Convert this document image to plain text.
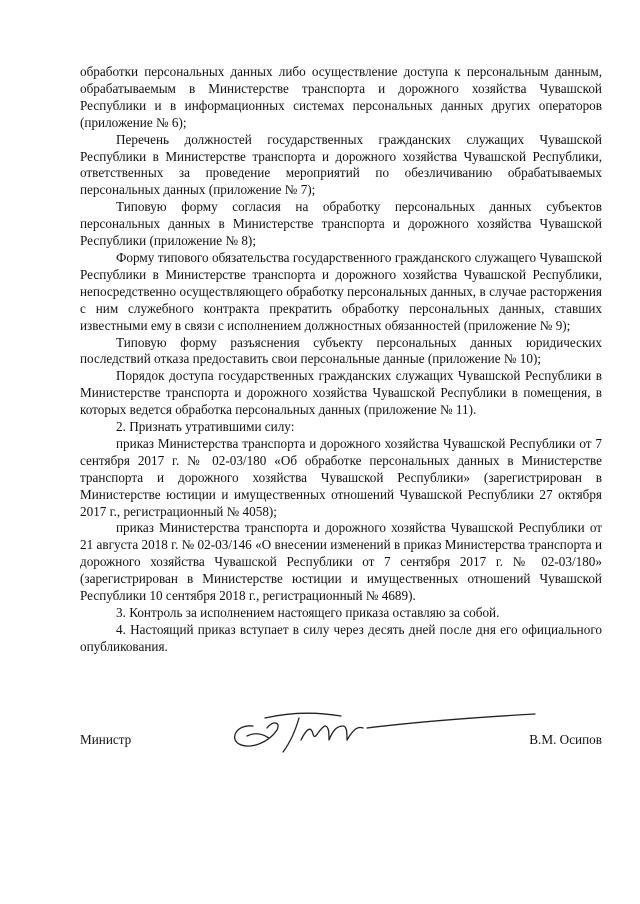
обработки персональных данных либо осуществление доступа к персональным данным, обрабатываемым в Министерстве транспорта и дорожного хозяйства Чувашской Республики и в информационных системах персональных данных других операторов (приложение № 6);

Перечень должностей государственных гражданских служащих Чувашской Республики в Министерстве транспорта и дорожного хозяйства Чувашской Республики, ответственных за проведение мероприятий по обезличиванию обрабатываемых персональных данных (приложение № 7);

Типовую форму согласия на обработку персональных данных субъектов персональных данных в Министерстве транспорта и дорожного хозяйства Чувашской Республики (приложение № 8);

Форму типового обязательства государственного гражданского служащего Чувашской Республики в Министерстве транспорта и дорожного хозяйства Чувашской Республики, непосредственно осуществляющего обработку персональных данных, в случае расторжения с ним служебного контракта прекратить обработку персональных данных, ставших известными ему в связи с исполнением должностных обязанностей (приложение № 9);

Типовую форму разъяснения субъекту персональных данных юридических последствий отказа предоставить свои персональные данные (приложение № 10);

Порядок доступа государственных гражданских служащих Чувашской Республики в Министерстве транспорта и дорожного хозяйства Чувашской Республики в помещения, в которых ведется обработка персональных данных (приложение № 11).

2. Признать утратившими силу:

приказ Министерства транспорта и дорожного хозяйства Чувашской Республики от 7 сентября 2017 г. № 02-03/180 «Об обработке персональных данных в Министерстве транспорта и дорожного хозяйства Чувашской Республики» (зарегистрирован в Министерстве юстиции и имущественных отношений Чувашской Республики 27 октября 2017 г., регистрационный № 4058);

приказ Министерства транспорта и дорожного хозяйства Чувашской Республики от 21 августа 2018 г. № 02-03/146 «О внесении изменений в приказ Министерства транспорта и дорожного хозяйства Чувашской Республики от 7 сентября 2017 г. № 02-03/180» (зарегистрирован в Министерстве юстиции и имущественных отношений Чувашской Республики 10 сентября 2018 г., регистрационный № 4689).

3. Контроль за исполнением настоящего приказа оставляю за собой.

4. Настоящий приказ вступает в силу через десять дней после дня его официального опубликования.

Министр	В.М. Осипов
